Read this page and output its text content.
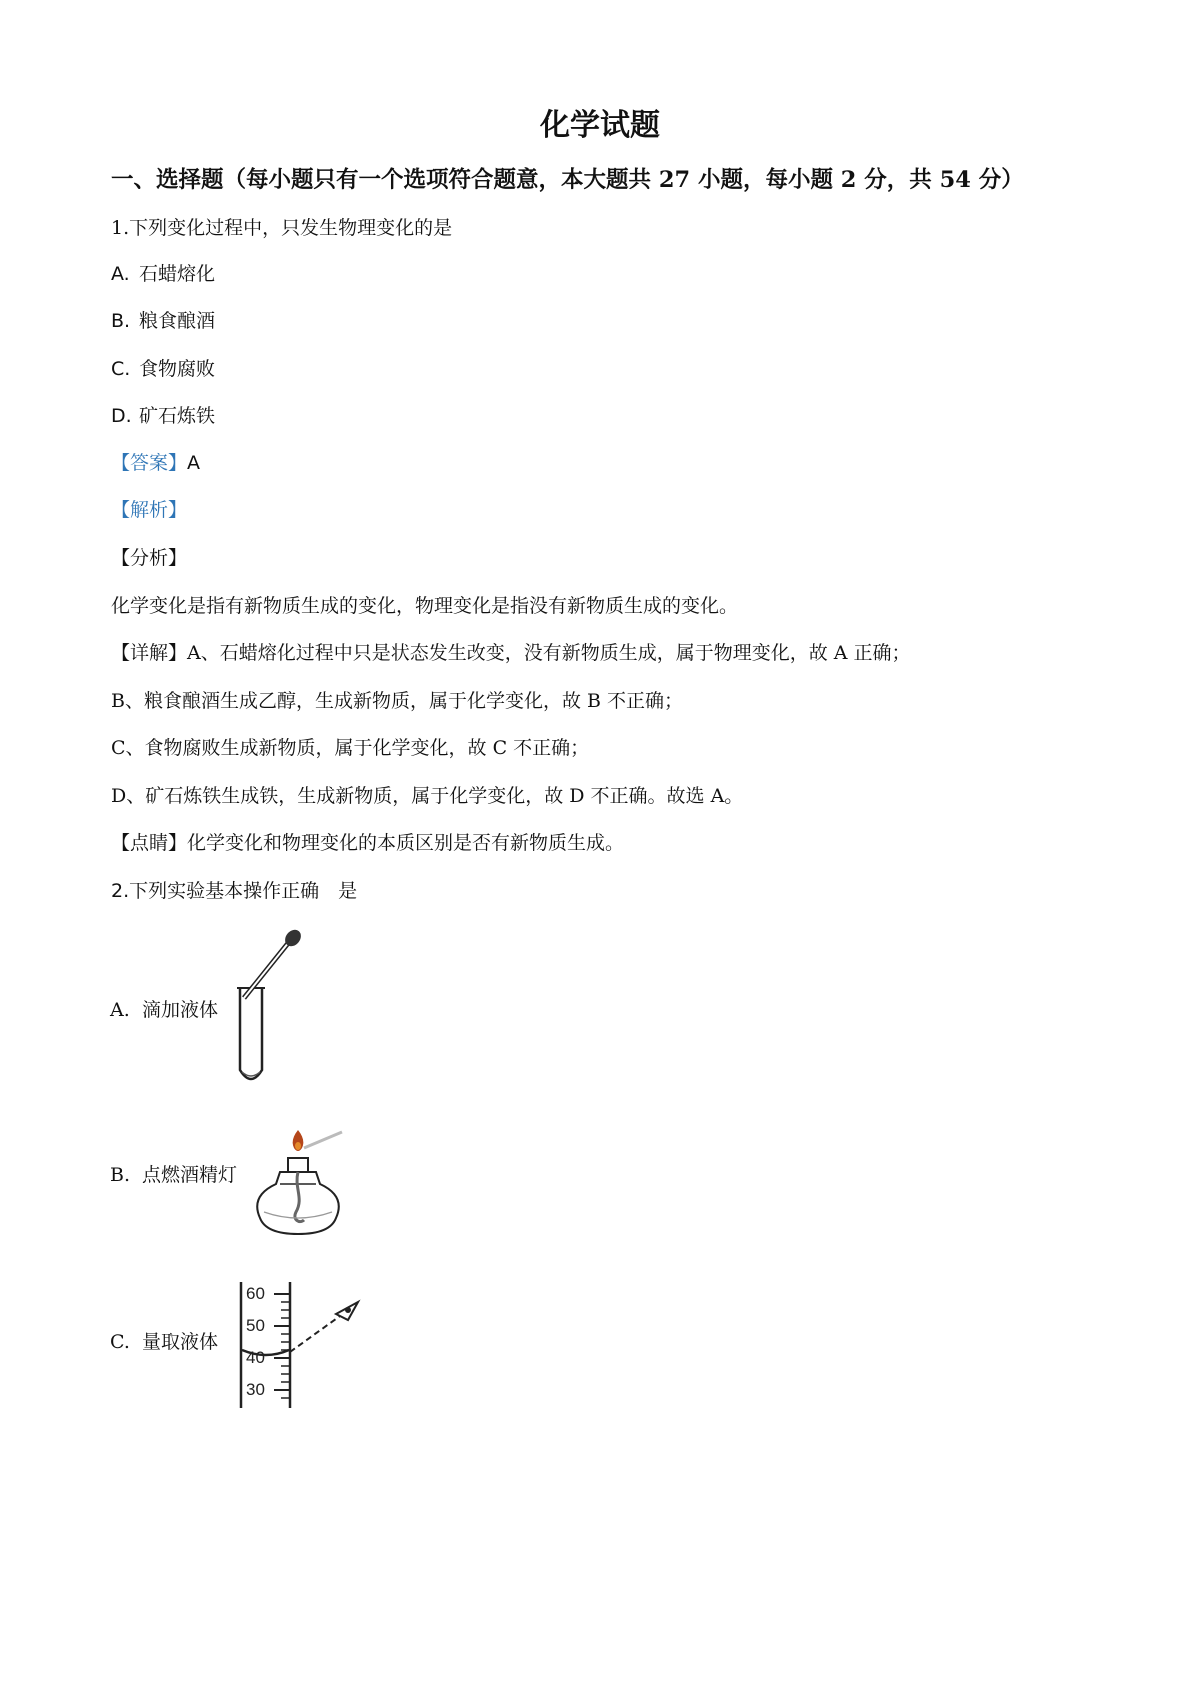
化学试题
一、选择题（每小题只有一个选项符合题意，本大题共 27 小题，每小题 2 分，共 54 分）
1.下列变化过程中，只发生物理变化的是
A. 石蜡熔化
B. 粮食酿酒
C. 食物腐败
D. 矿石炼铁
【答案】A
【解析】
【分析】
化学变化是指有新物质生成的变化，物理变化是指没有新物质生成的变化。
【详解】A、石蜡熔化过程中只是状态发生改变，没有新物质生成，属于物理变化，故 A 正确；
B、粮食酿酒生成乙醇，生成新物质，属于化学变化，故 B 不正确；
C、食物腐败生成新物质，属于化学变化，故 C 不正确；
D、矿石炼铁生成铁，生成新物质，属于化学变化，故 D 不正确。故选 A。
【点睛】化学变化和物理变化的本质区别是否有新物质生成。
2.下列实验基本操作正确　是
A. 滴加液体
B. 点燃酒精灯
C. 量取液体
60
50
40
30
